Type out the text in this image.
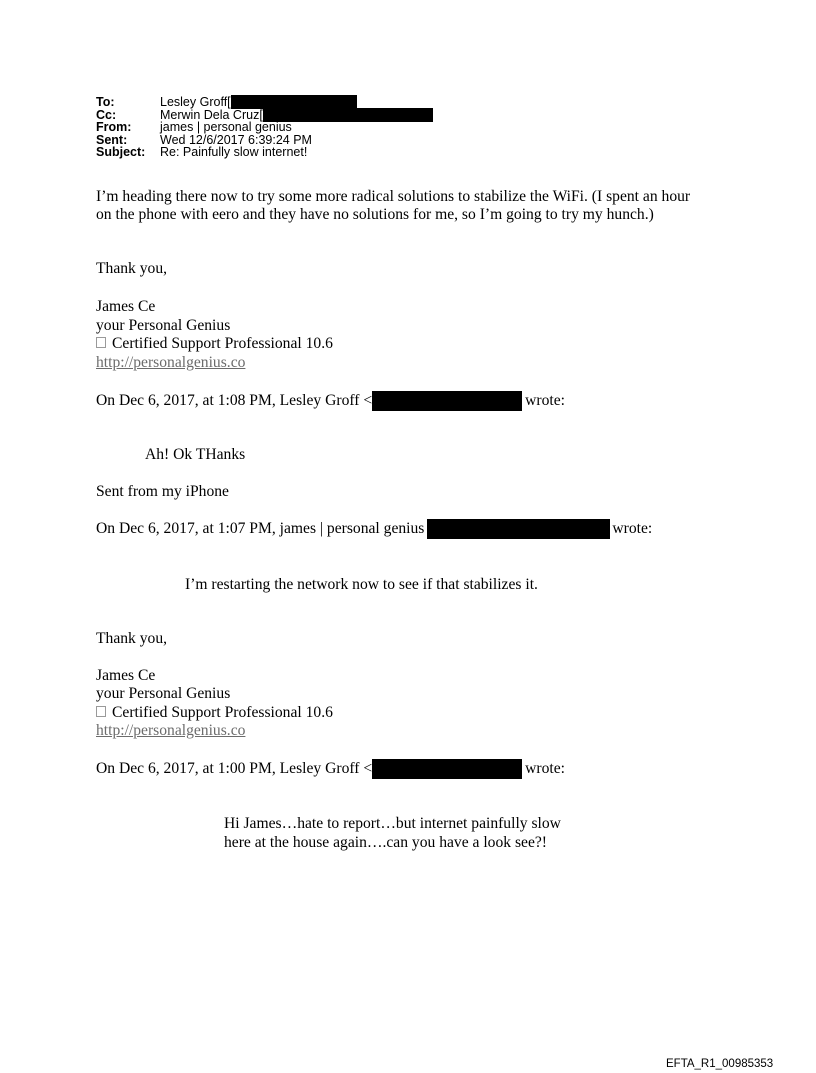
To:	Lesley Groff[
Cc:	Merwin Dela Cruz[
From: james | personal genius
Sent:	Wed 12/6/2017 6:39:24 PM
Subject: Re: Painfully slow internet!
I’m heading there now to try some more radical solutions to stabilize the WiFi. (I spent an hour
on the phone with eero and they have no solutions for me, so I’m going to try my hunch.)
Thank you,
James Ce
your Personal Genius
Certified Support Professional 10.6
http://personalgenius.co
On Dec 6, 2017, at 1:08 PM, Lesley Groff <	wrote:
Ah! Ok THanks
Sent from my iPhone
On Dec 6, 2017, at 1:07 PM, james | personal genius	wrote:
I’m restarting the network now to see if that stabilizes it.
Thank you,
James Ce
your Personal Genius
Certified Support Professional 10.6
http://personalgenius.co
On Dec 6, 2017, at 1:00 PM, Lesley Groff <	wrote:
Hi James…hate to report…but internet painfully slow
here at the house again….can you have a look see?!
EFTA_R1_00985353
